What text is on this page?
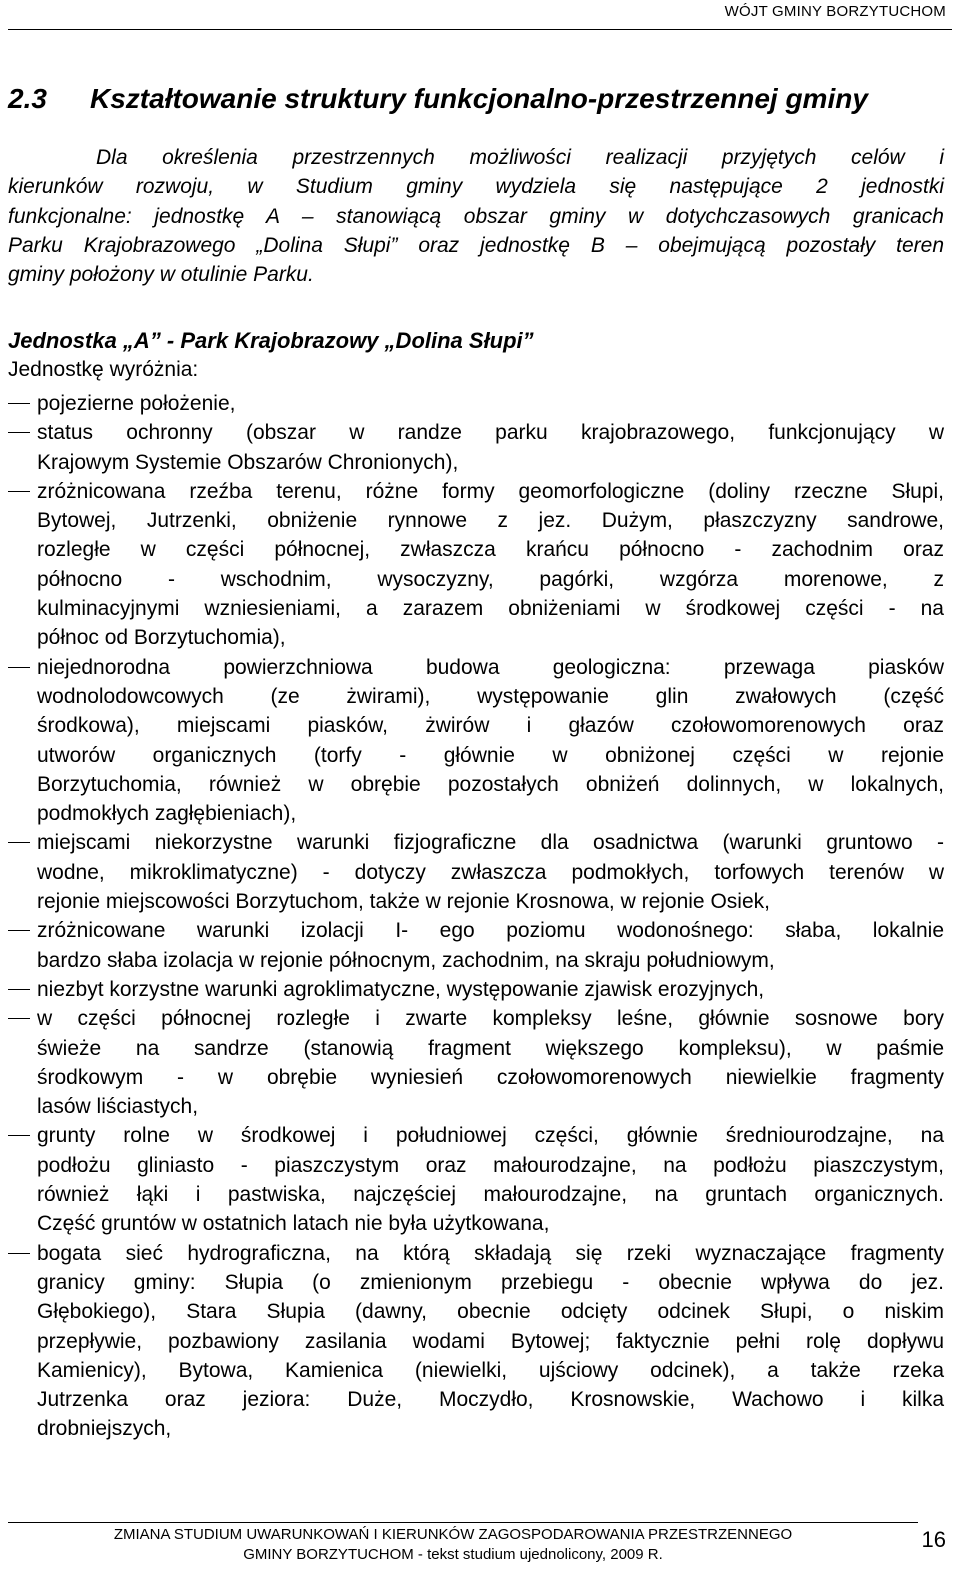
WÓJT GMINY BORZYTUCHOM
2.3 Kształtowanie struktury funkcjonalno-przestrzennej gminy
Dla określenia przestrzennych możliwości realizacji przyjętych celów i
kierunków rozwoju, w Studium gminy wydziela się następujące 2 jednostki
funkcjonalne: jednostkę A – stanowiącą obszar gminy w dotychczasowych granicach
Parku Krajobrazowego „Dolina Słupi” oraz jednostkę B – obejmującą pozostały teren
gminy położony w otulinie Parku.
Jednostka „A” - Park Krajobrazowy „Dolina Słupi”
Jednostkę wyróżnia:
pojezierne położenie,
status ochronny (obszar w randze parku krajobrazowego, funkcjonujący w
Krajowym Systemie Obszarów Chronionych),
zróżnicowana rzeźba terenu, różne formy geomorfologiczne (doliny rzeczne Słupi,
Bytowej, Jutrzenki, obniżenie rynnowe z jez. Dużym, płaszczyzny sandrowe,
rozległe w części północnej, zwłaszcza krańcu północno - zachodnim oraz
północno - wschodnim, wysoczyzny, pagórki, wzgórza morenowe, z
kulminacyjnymi wzniesieniami, a zarazem obniżeniami w środkowej części - na
północ od Borzytuchomia),
niejednorodna powierzchniowa budowa geologiczna: przewaga piasków
wodnolodowcowych (ze żwirami), występowanie glin zwałowych (część
środkowa), miejscami piasków, żwirów i głazów czołowomorenowych oraz
utworów organicznych (torfy - głównie w obniżonej części w rejonie
Borzytuchomia, również w obrębie pozostałych obniżeń dolinnych, w lokalnych,
podmokłych zagłębieniach),
miejscami niekorzystne warunki fizjograficzne dla osadnictwa (warunki gruntowo -
wodne, mikroklimatyczne) - dotyczy zwłaszcza podmokłych, torfowych terenów w
rejonie miejscowości Borzytuchom, także w rejonie Krosnowa, w rejonie Osiek,
zróżnicowane warunki izolacji I- ego poziomu wodonośnego: słaba, lokalnie
bardzo słaba izolacja w rejonie północnym, zachodnim, na skraju południowym,
niezbyt korzystne warunki agroklimatyczne, występowanie zjawisk erozyjnych,
w części północnej rozległe i zwarte kompleksy leśne, głównie sosnowe bory
świeże na sandrze (stanowią fragment większego kompleksu), w paśmie
środkowym - w obrębie wyniesień czołowomorenowych niewielkie fragmenty
lasów liściastych,
grunty rolne w środkowej i południowej części, głównie średniourodzajne, na
podłożu gliniasto - piaszczystym oraz małourodzajne, na podłożu piaszczystym,
również łąki i pastwiska, najczęściej małourodzajne, na gruntach organicznych.
Część gruntów w ostatnich latach nie była użytkowana,
bogata sieć hydrograficzna, na którą składają się rzeki wyznaczające fragmenty
granicy gminy: Słupia (o zmienionym przebiegu - obecnie wpływa do jez.
Głębokiego), Stara Słupia (dawny, obecnie odcięty odcinek Słupi, o niskim
przepływie, pozbawiony zasilania wodami Bytowej; faktycznie pełni rolę dopływu
Kamienicy), Bytowa, Kamienica (niewielki, ujściowy odcinek), a także rzeka
Jutrzenka oraz jeziora: Duże, Moczydło, Krosnowskie, Wachowo i kilka
drobniejszych,
ZMIANA STUDIUM UWARUNKOWAŃ I KIERUNKÓW ZAGOSPODAROWANIA PRZESTRZENNEGO
GMINY BORZYTUCHOM - tekst studium ujednolicony, 2009 R.
16
